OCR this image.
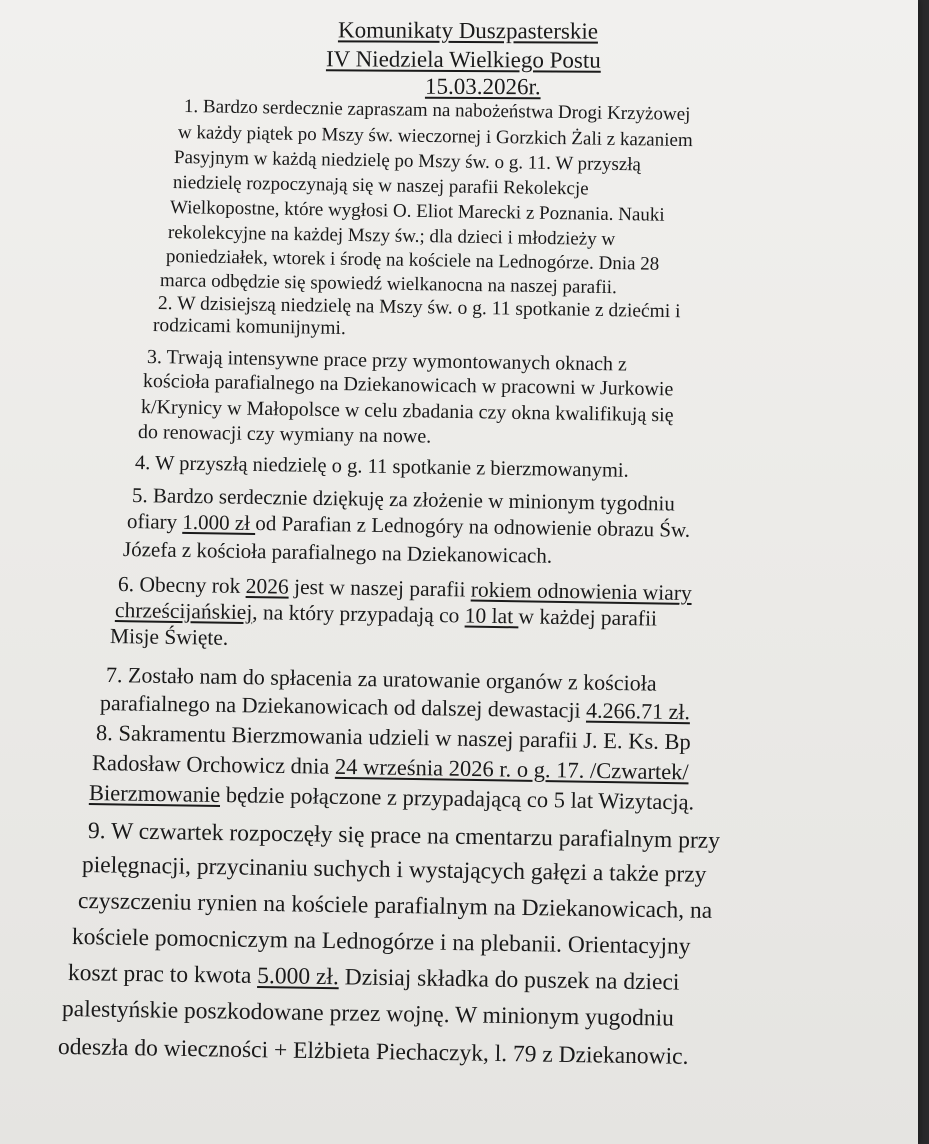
Komunikaty Duszpasterskie
IV Niedziela Wielkiego Postu
15.03.2026r.
1. Bardzo serdecznie zapraszam na nabożeństwa Drogi Krzyżowej
w każdy piątek po Mszy św. wieczornej i Gorzkich Żali z kazaniem
Pasyjnym w każdą niedzielę po Mszy św. o g. 11. W przyszłą
niedzielę rozpoczynają się w naszej parafii Rekolekcje
Wielkopostne, które wygłosi O. Eliot Marecki z Poznania. Nauki
rekolekcyjne na każdej Mszy św.; dla dzieci i młodzieży w
poniedziałek, wtorek i środę na kościele na Lednogórze. Dnia 28
marca odbędzie się spowiedź wielkanocna na naszej parafii.
2. W dzisiejszą niedzielę na Mszy św. o g. 11 spotkanie z dziećmi i
rodzicami komunijnymi.
3. Trwają intensywne prace przy wymontowanych oknach z
kościoła parafialnego na Dziekanowicach w pracowni w Jurkowie
k/Krynicy w Małopolsce w celu zbadania czy okna kwalifikują się
do renowacji czy wymiany na nowe.
4. W przyszłą niedzielę o g. 11 spotkanie z bierzmowanymi.
5. Bardzo serdecznie dziękuję za złożenie w minionym tygodniu
ofiary 1.000 zł od Parafian z Lednogóry na odnowienie obrazu Św.
Józefa z kościoła parafialnego na Dziekanowicach.
6. Obecny rok 2026 jest w naszej parafii rokiem odnowienia wiary
chrześcijańskiej, na który przypadają co 10 lat w każdej parafii
Misje Święte.
7. Zostało nam do spłacenia za uratowanie organów z kościoła
parafialnego na Dziekanowicach od dalszej dewastacji 4.266.71 zł.
8. Sakramentu Bierzmowania udzieli w naszej parafii J. E. Ks. Bp
Radosław Orchowicz dnia 24 września 2026 r. o g. 17. /Czwartek/
Bierzmowanie będzie połączone z przypadającą co 5 lat Wizytacją.
9. W czwartek rozpoczęły się prace na cmentarzu parafialnym przy
pielęgnacji, przycinaniu suchych i wystających gałęzi a także przy
czyszczeniu rynien na kościele parafialnym na Dziekanowicach, na
kościele pomocniczym na Lednogórze i na plebanii. Orientacyjny
koszt prac to kwota 5.000 zł. Dzisiaj składka do puszek na dzieci
palestyńskie poszkodowane przez wojnę. W minionym yugodniu
odeszła do wieczności + Elżbieta Piechaczyk, l. 79 z Dziekanowic.
